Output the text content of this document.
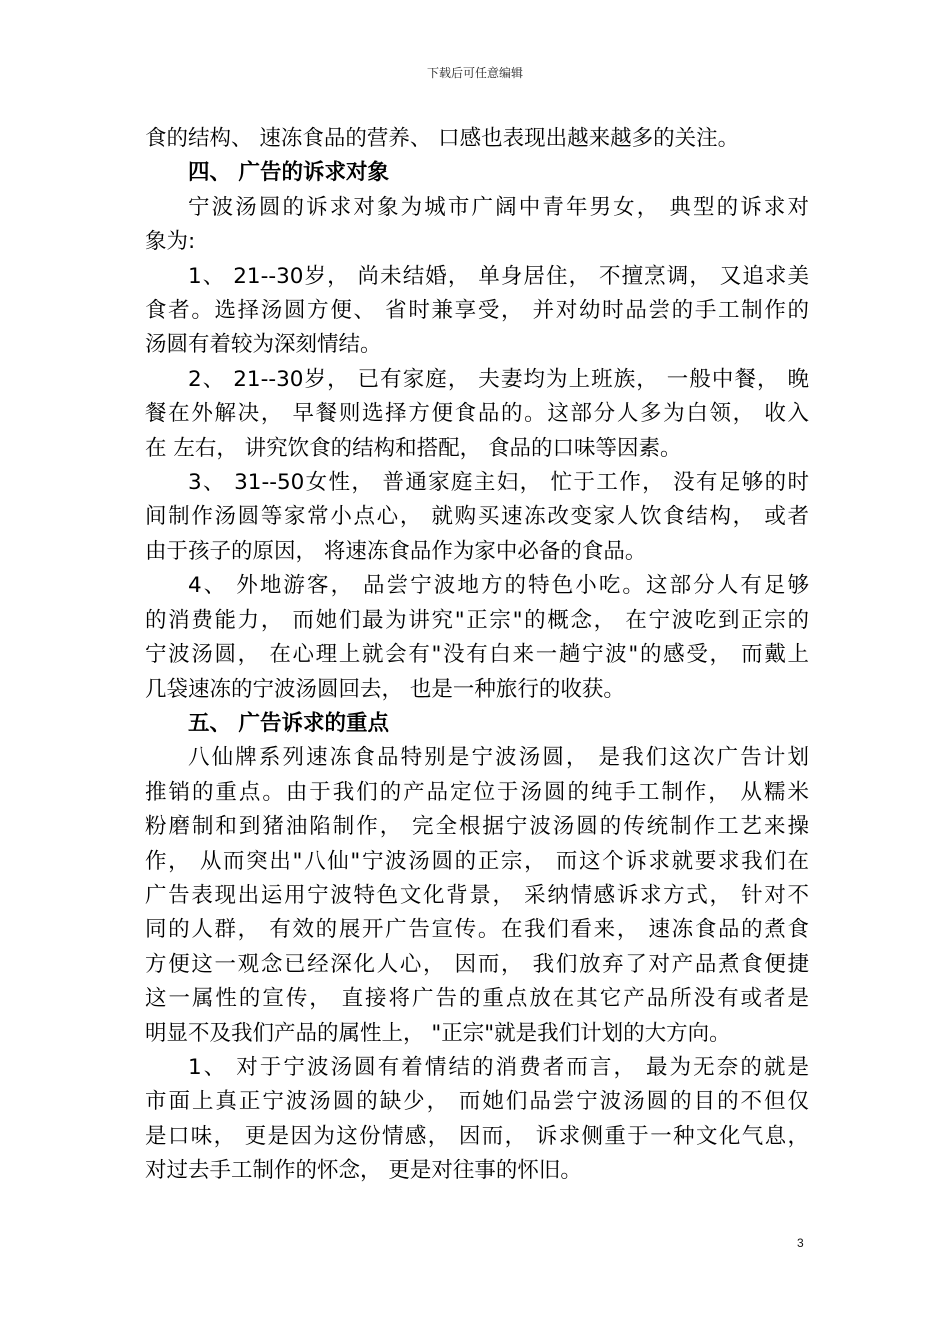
下载后可任意编辑
食的结构、 速冻食品的营养、 口感也表现出越来越多的关注。
四、 广告的诉求对象
宁波汤圆的诉求对象为城市广阔中青年男女， 典型的诉求对
象为:
1、 21--30岁， 尚未结婚， 单身居住， 不擅烹调， 又追求美
食者。选择汤圆方便、 省时兼享受， 并对幼时品尝的手工制作的
汤圆有着较为深刻情结。
2、 21--30岁， 已有家庭， 夫妻均为上班族， 一般中餐， 晚
餐在外解决， 早餐则选择方便食品的。这部分人多为白领， 收入
在 左右， 讲究饮食的结构和搭配， 食品的口味等因素。
3、 31--50女性， 普通家庭主妇， 忙于工作， 没有足够的时
间制作汤圆等家常小点心， 就购买速冻改变家人饮食结构， 或者
由于孩子的原因， 将速冻食品作为家中必备的食品。
4、 外地游客， 品尝宁波地方的特色小吃。这部分人有足够
的消费能力， 而她们最为讲究"正宗"的概念， 在宁波吃到正宗的
宁波汤圆， 在心理上就会有"没有白来一趟宁波"的感受， 而戴上
几袋速冻的宁波汤圆回去， 也是一种旅行的收获。
五、 广告诉求的重点
八仙牌系列速冻食品特别是宁波汤圆， 是我们这次广告计划
推销的重点。由于我们的产品定位于汤圆的纯手工制作， 从糯米
粉磨制和到猪油陷制作， 完全根据宁波汤圆的传统制作工艺来操
作， 从而突出"八仙"宁波汤圆的正宗， 而这个诉求就要求我们在
广告表现出运用宁波特色文化背景， 采纳情感诉求方式， 针对不
同的人群， 有效的展开广告宣传。在我们看来， 速冻食品的煮食
方便这一观念已经深化人心， 因而， 我们放弃了对产品煮食便捷
这一属性的宣传， 直接将广告的重点放在其它产品所没有或者是
明显不及我们产品的属性上， "正宗"就是我们计划的大方向。
1、 对于宁波汤圆有着情结的消费者而言， 最为无奈的就是
市面上真正宁波汤圆的缺少， 而她们品尝宁波汤圆的目的不但仅
是口味， 更是因为这份情感， 因而， 诉求侧重于一种文化气息，
对过去手工制作的怀念， 更是对往事的怀旧。
3
